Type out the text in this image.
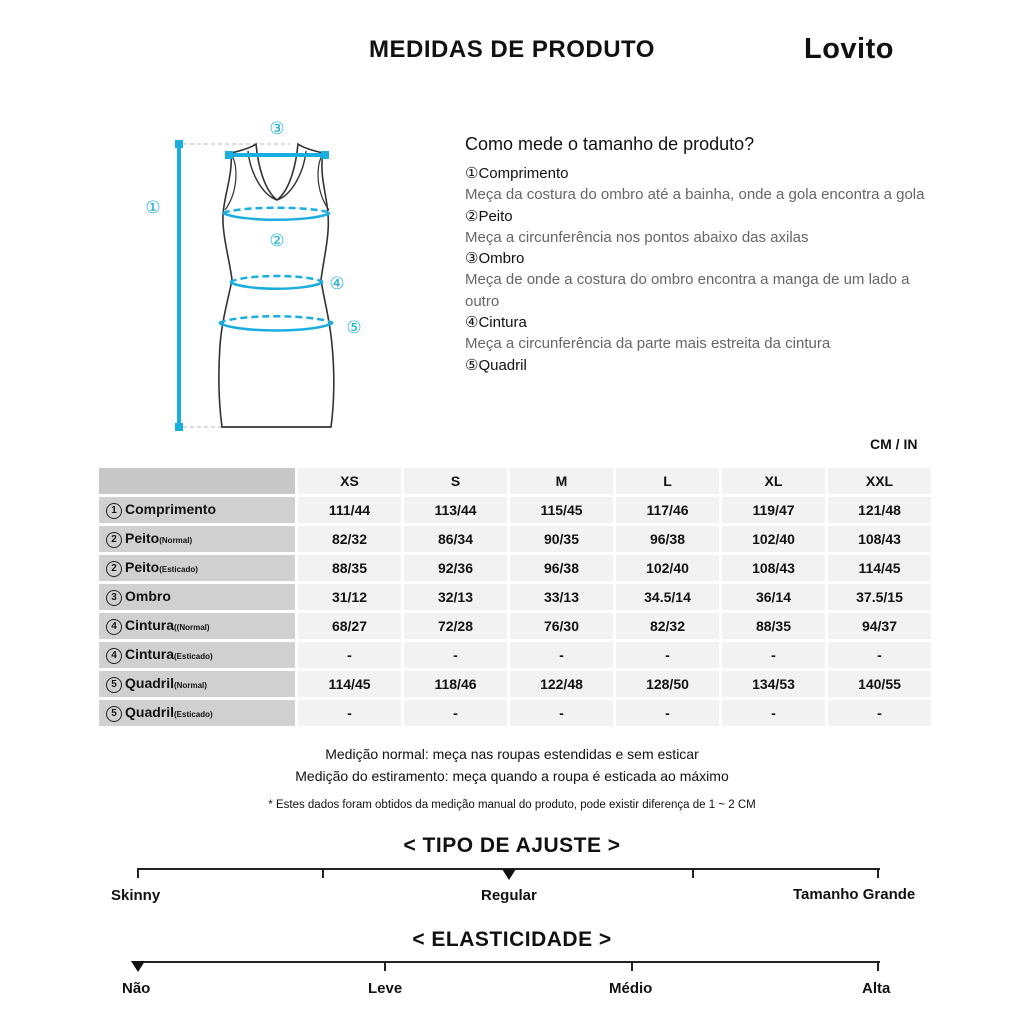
MEDIDAS DE PRODUTO	Lovito
①
②
③
④
⑤
Como mede o tamanho de produto?
①Comprimento
Meça da costura do ombro até a bainha, onde a gola encontra a gola
②Peito
Meça a circunferência nos pontos abaixo das axilas
③Ombro
Meça de onde a costura do ombro encontra a manga de um lado a outro
④Cintura
Meça a circunferência da parte mais estreita da cintura
⑤Quadril
CM / IN
	XS	S	M	L	XL	XXL
1 Comprimento	111/44	113/44	115/45	117/46	119/47	121/48
2 Peito(Normal)	82/32	86/34	90/35	96/38	102/40	108/43
2 Peito(Esticado)	88/35	92/36	96/38	102/40	108/43	114/45
3 Ombro	31/12	32/13	33/13	34.5/14	36/14	37.5/15
4 Cintura((Normal)	68/27	72/28	76/30	82/32	88/35	94/37
4 Cintura(Esticado)	-	-	-	-	-	-
5 Quadril(Normal)	114/45	118/46	122/48	128/50	134/53	140/55
5 Quadril(Esticado)	-	-	-	-	-	-
Medição normal: meça nas roupas estendidas e sem esticar
Medição do estiramento: meça quando a roupa é esticada ao máximo
* Estes dados foram obtidos da medição manual do produto, pode existir diferença de 1 ~ 2 CM
< TIPO DE AJUSTE >
Skinny	Regular	Tamanho Grande
< ELASTICIDADE >
Não	Leve	Médio	Alta
